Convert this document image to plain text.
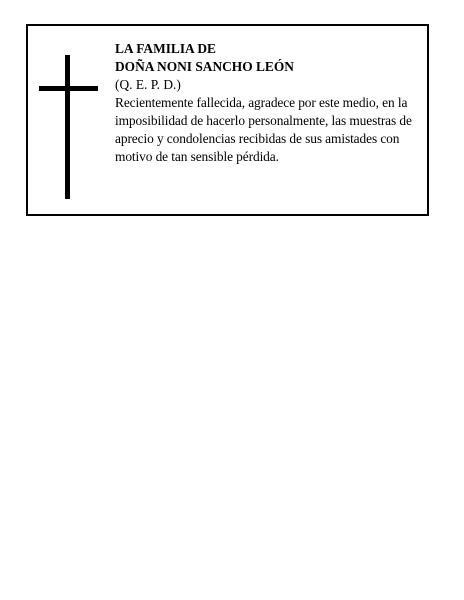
LA FAMILIA DE
DOÑA NONI SANCHO LEÓN
(Q. E. P. D.)
Recientemente fallecida, agradece por este medio, en la imposibilidad de hacerlo personalmente, las muestras de aprecio y condolencias recibidas de sus amistades con motivo de tan sensible pérdida.
